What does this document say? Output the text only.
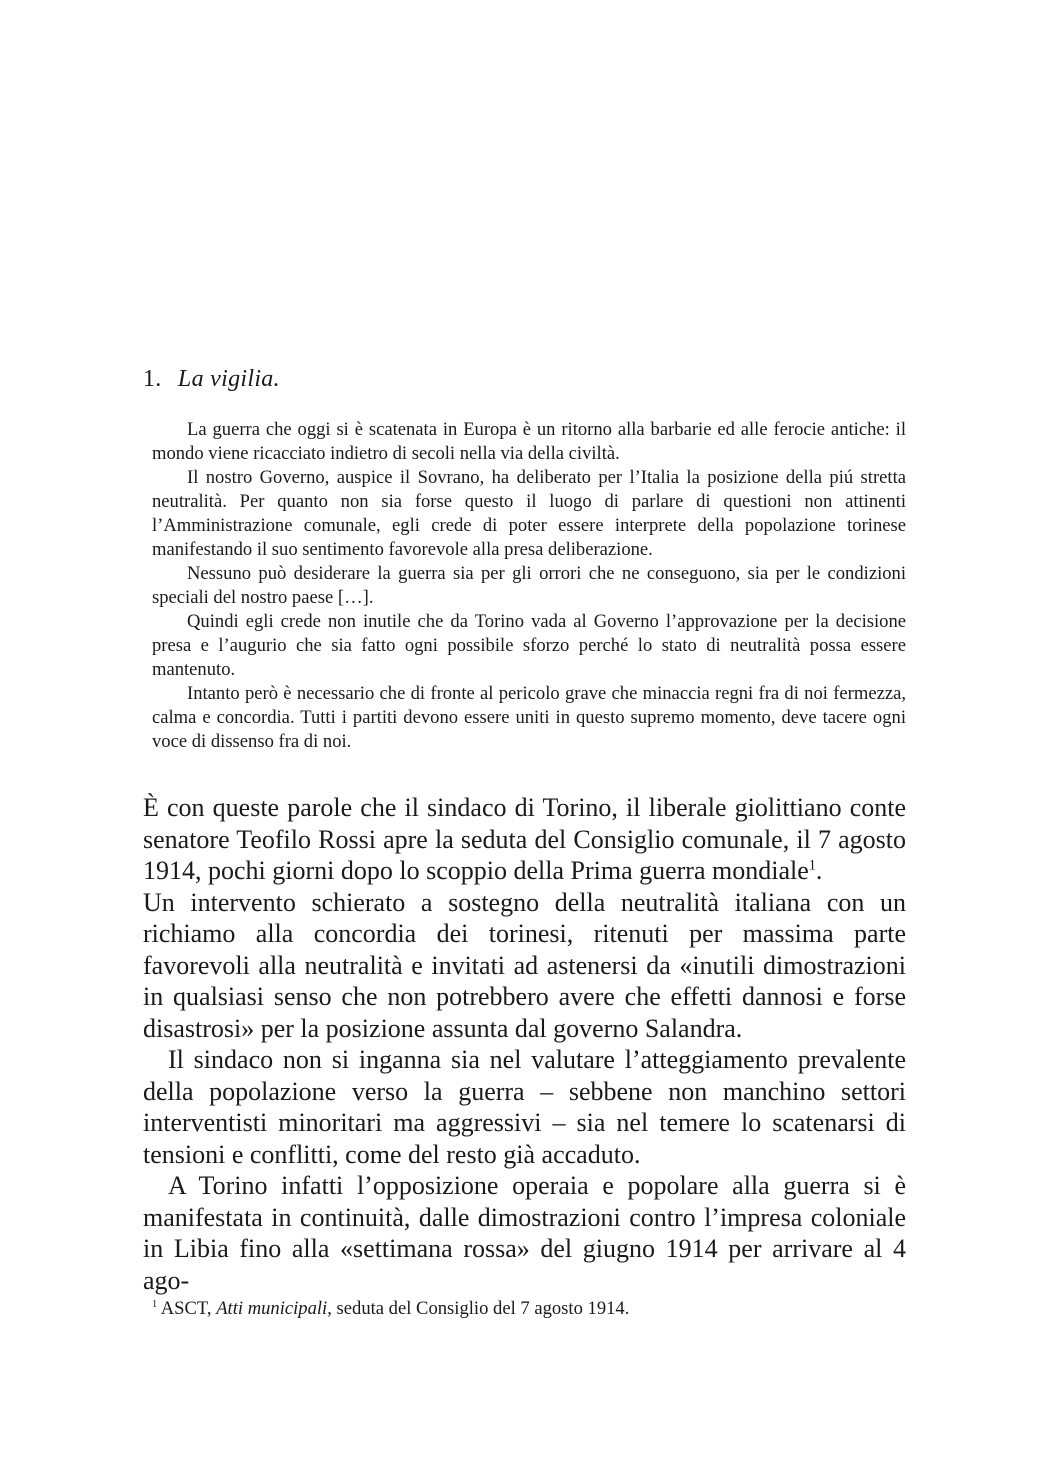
1. La vigilia.

La guerra che oggi si è scatenata in Europa è un ritorno alla barbarie ed alle ferocie antiche: il mondo viene ricacciato indietro di secoli nella via della civiltà.

Il nostro Governo, auspice il Sovrano, ha deliberato per l’Italia la posizione della piú stretta neutralità. Per quanto non sia forse questo il luogo di parlare di questioni non attinenti l’Amministrazione comunale, egli crede di poter essere interprete della popolazione torinese manifestando il suo sentimento favorevole alla presa deliberazione.

Nessuno può desiderare la guerra sia per gli orrori che ne conseguono, sia per le condizioni speciali del nostro paese […].

Quindi egli crede non inutile che da Torino vada al Governo l’approvazione per la decisione presa e l’augurio che sia fatto ogni possibile sforzo perché lo stato di neutralità possa essere mantenuto.

Intanto però è necessario che di fronte al pericolo grave che minaccia regni fra di noi fermezza, calma e concordia. Tutti i partiti devono essere uniti in questo supremo momento, deve tacere ogni voce di dissenso fra di noi.

È con queste parole che il sindaco di Torino, il liberale giolittiano conte senatore Teofilo Rossi apre la seduta del Consiglio comunale, il 7 agosto 1914, pochi giorni dopo lo scoppio della Prima guerra mondiale$^1$.

Un intervento schierato a sostegno della neutralità italiana con un richiamo alla concordia dei torinesi, ritenuti per massima parte favorevoli alla neutralità e invitati ad astenersi da «inutili dimostrazioni in qualsiasi senso che non potrebbero avere che effetti dannosi e forse disastrosi» per la posizione assunta dal governo Salandra.

Il sindaco non si inganna sia nel valutare l’atteggiamento prevalente della popolazione verso la guerra – sebbene non manchino settori interventisti minoritari ma aggressivi – sia nel temere lo scatenarsi di tensioni e conflitti, come del resto già accaduto.

A Torino infatti l’opposizione operaia e popolare alla guerra si è manifestata in continuità, dalle dimostrazioni contro l’impresa coloniale in Libia fino alla «settimana rossa» del giugno 1914 per arrivare al 4 ago-

$^1$ ASCT, Atti municipali, seduta del Consiglio del 7 agosto 1914.
